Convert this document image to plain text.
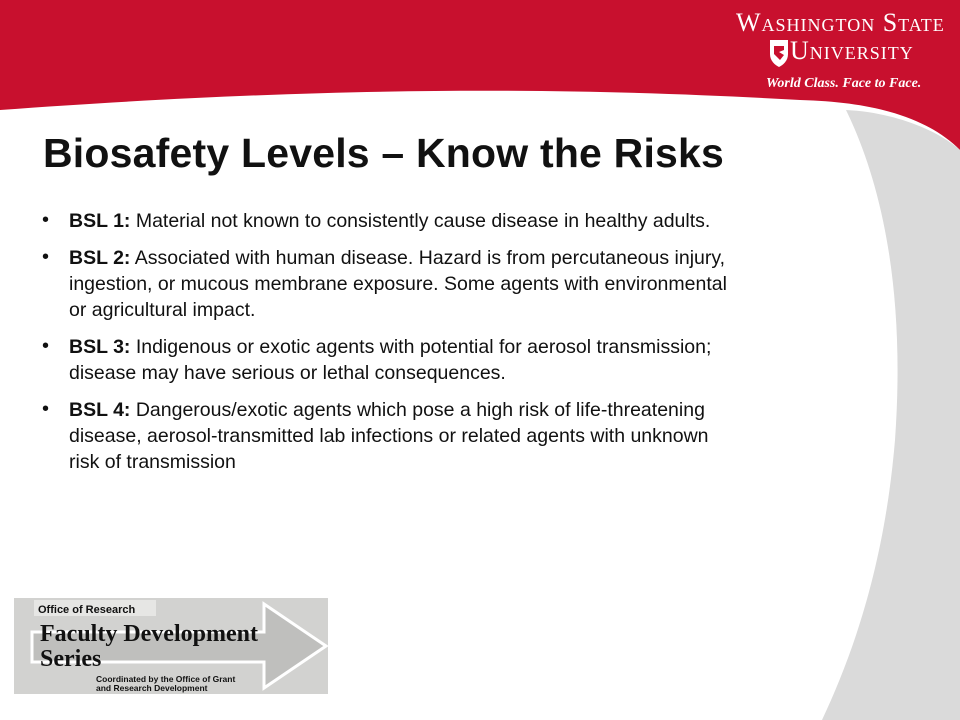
Washington State
University
World Class. Face to Face.
Biosafety Levels – Know the Risks
• BSL 1: Material not known to consistently cause disease in healthy adults.
• BSL 2: Associated with human disease. Hazard is from percutaneous injury, ingestion, or mucous membrane exposure. Some agents with environmental or agricultural impact.
• BSL 3: Indigenous or exotic agents with potential for aerosol transmission; disease may have serious or lethal consequences.
• BSL 4: Dangerous/exotic agents which pose a high risk of life-threatening disease, aerosol-transmitted lab infections or related agents with unknown risk of transmission
Office of Research
Faculty Development
Series
Coordinated by the Office of Grant
and Research Development
